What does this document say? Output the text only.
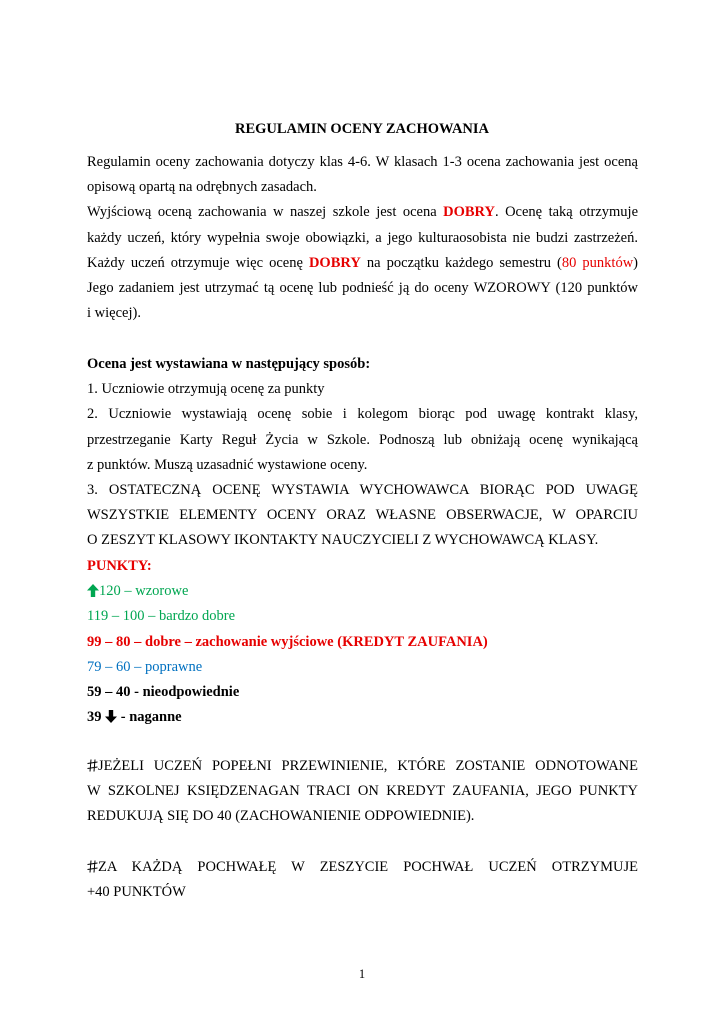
REGULAMIN OCENY ZACHOWANIA
Regulamin oceny zachowania dotyczy klas 4-6. W klasach 1-3 ocena zachowania jest oceną
opisową opartą na odrębnych zasadach.
Wyjściową oceną zachowania w naszej szkole jest ocena DOBRY. Ocenę taką otrzymuje
każdy uczeń, który wypełnia swoje obowiązki, a jego kulturaosobista nie budzi zastrzeżeń.
Każdy uczeń otrzymuje więc ocenę DOBRY na początku każdego semestru (80 punktów)
Jego zadaniem jest utrzymać tą ocenę lub podnieść ją do oceny WZOROWY (120 punktów
i więcej).
Ocena jest wystawiana w następujący sposób:
1. Uczniowie otrzymują ocenę za punkty
2. Uczniowie wystawiają ocenę sobie i kolegom biorąc pod uwagę kontrakt klasy,
przestrzeganie Karty Reguł Życia w Szkole. Podnoszą lub obniżają ocenę wynikającą
z punktów. Muszą uzasadnić wystawione oceny.
3. OSTATECZNĄ OCENĘ WYSTAWIA WYCHOWAWCA BIORĄC POD UWAGĘ
WSZYSTKIE ELEMENTY OCENY ORAZ WŁASNE OBSERWACJE, W OPARCIU
O ZESZYT KLASOWY IKONTAKTY NAUCZYCIELI Z WYCHOWAWCĄ KLASY.
PUNKTY:
120 – wzorowe
119 – 100 – bardzo dobre
99 – 80 – dobre – zachowanie wyjściowe (KREDYT ZAUFANIA)
79 – 60 – poprawne
59 – 40 - nieodpowiednie
39  - naganne
JEŻELI UCZEŃ POPEŁNI PRZEWINIENIE, KTÓRE ZOSTANIE ODNOTOWANE
W SZKOLNEJ KSIĘDZENAGAN TRACI ON KREDYT ZAUFANIA, JEGO PUNKTY
REDUKUJĄ SIĘ DO 40 (ZACHOWANIENIE ODPOWIEDNIE).
ZA KAŻDĄ POCHWAŁĘ W ZESZYCIE POCHWAŁ UCZEŃ OTRZYMUJE
+40 PUNKTÓW
1
